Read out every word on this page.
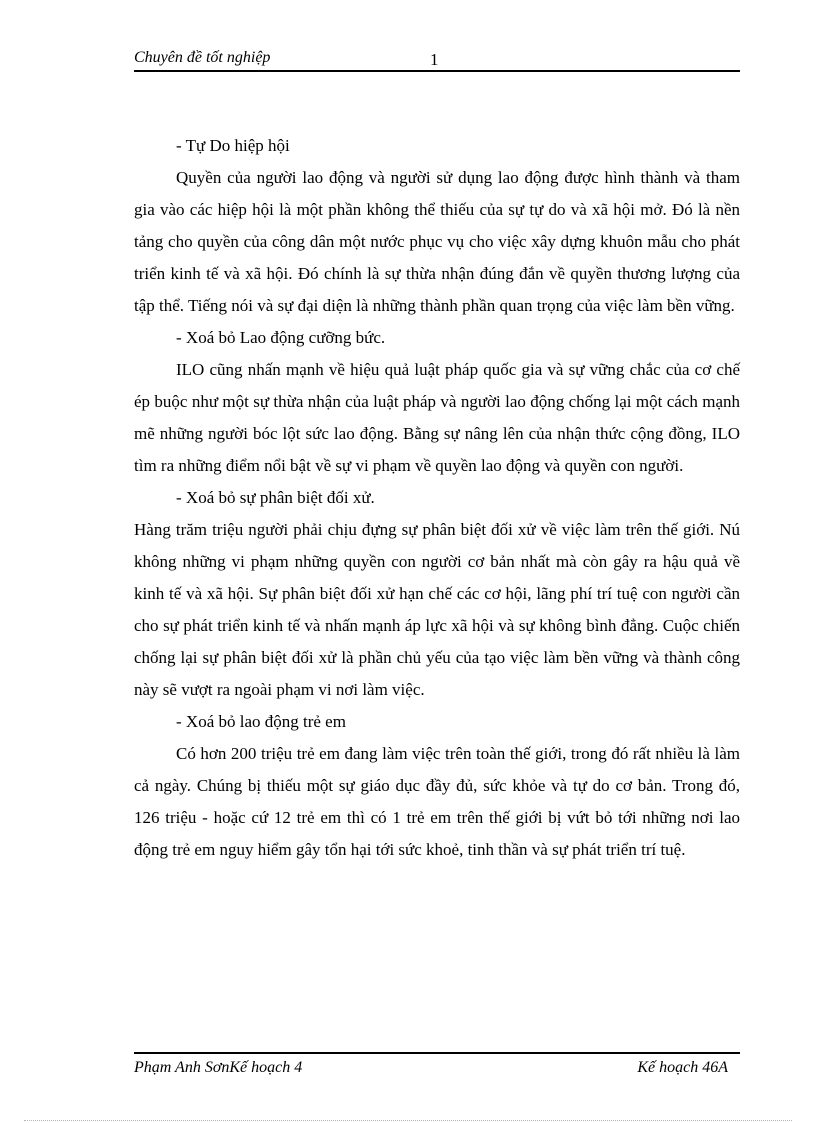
Chuyên đề tốt nghiệp	1

- Tự Do hiệp hội

Quyền của người lao động và người sử dụng lao động được hình thành và tham gia vào các hiệp hội là một phần không thể thiếu của sự tự do và xã hội mở. Đó là nền tảng cho quyền của công dân một nước phục vụ cho việc xây dựng khuôn mẫu cho phát triển kinh tế và xã hội. Đó chính là sự thừa nhận đúng đắn về quyền thương lượng của tập thể. Tiếng nói và sự đại diện là những thành phần quan trọng của việc làm bền vững.

- Xoá bỏ Lao động cưỡng bức.

ILO cũng nhấn mạnh về hiệu quả luật pháp quốc gia và sự vững chắc của cơ chế ép buộc như một sự thừa nhận của luật pháp và người lao động chống lại một cách mạnh mẽ những người bóc lột sức lao động. Bằng sự nâng lên của nhận thức cộng đồng, ILO tìm ra những điểm nổi bật về sự vi phạm về quyền lao động và quyền con người.

- Xoá bỏ sự phân biệt đối xử.

Hàng trăm triệu người phải chịu đựng sự phân biệt đối xử về việc làm trên thế giới. Nú không những vi phạm những quyền con người cơ bản nhất mà còn gây ra hậu quả về kinh tế và xã hội. Sự phân biệt đối xử hạn chế các cơ hội, lãng phí trí tuệ con người cần cho sự phát triển kinh tế và nhấn mạnh áp lực xã hội và sự không bình đẳng. Cuộc chiến chống lại sự phân biệt đối xử là phần chủ yếu của tạo việc làm bền vững và thành công này sẽ vượt ra ngoài phạm vi nơi làm việc.

- Xoá bỏ lao động trẻ em

Có hơn 200 triệu trẻ em đang làm việc trên toàn thế giới, trong đó rất nhiều là làm cả ngày. Chúng bị thiếu một sự giáo dục đầy đủ, sức khỏe và tự do cơ bản. Trong đó, 126 triệu - hoặc cứ 12 trẻ em thì có 1 trẻ em trên thế giới bị vứt bỏ tới những nơi lao động trẻ em nguy hiểm gây tổn hại tới sức khoẻ, tinh thần và sự phát triển trí tuệ.

Phạm Anh SơnKế hoạch 4	Kế hoạch 46A
